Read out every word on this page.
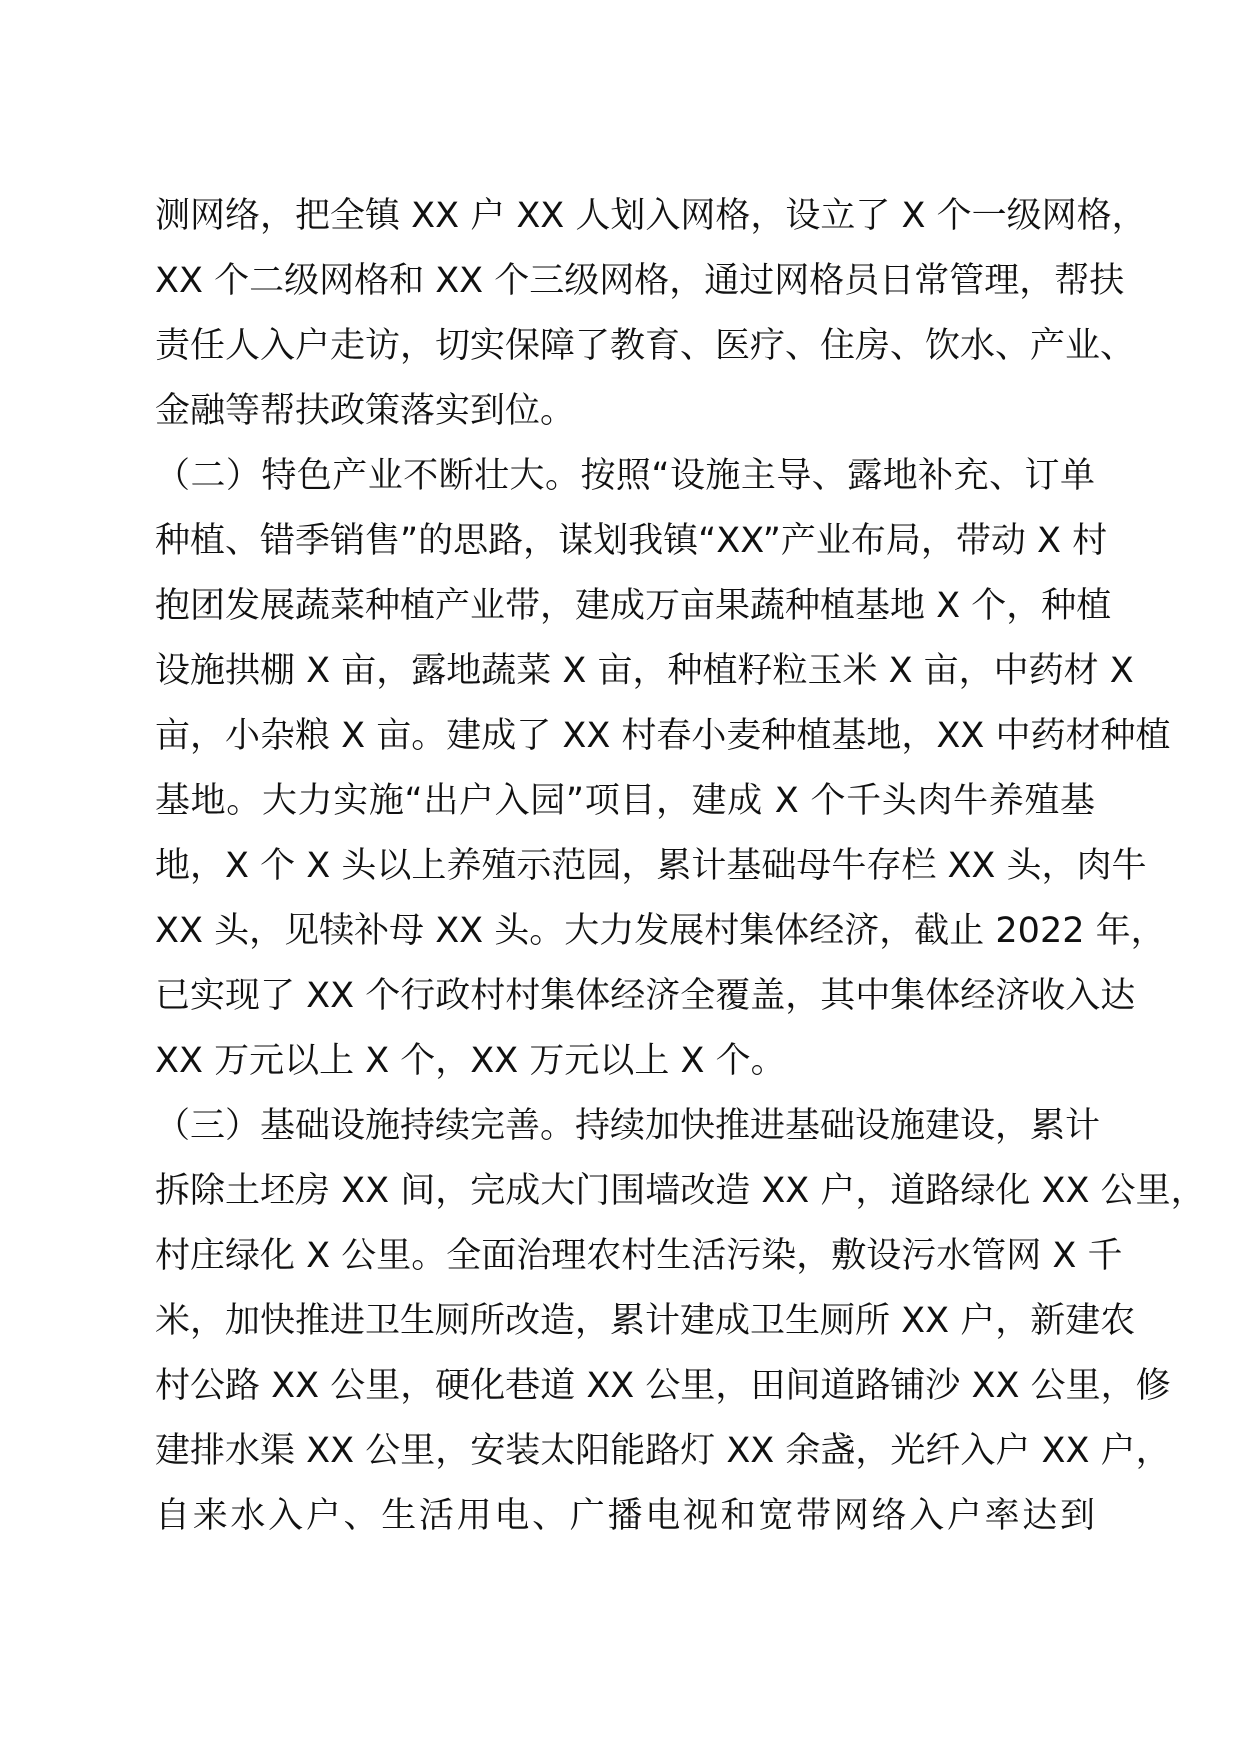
测网络，把全镇 XX 户 XX 人划入网格，设立了 X 个一级网格，
XX 个二级网格和 XX 个三级网格，通过网格员日常管理，帮扶
责任人入户走访，切实保障了教育、医疗、住房、饮水、产业、
金融等帮扶政策落实到位。
（二）特色产业不断壮大。按照“设施主导、露地补充、订单
种植、错季销售”的思路，谋划我镇“XX”产业布局，带动 X 村
抱团发展蔬菜种植产业带，建成万亩果蔬种植基地 X 个，种植
设施拱棚 X 亩，露地蔬菜 X 亩，种植籽粒玉米 X 亩，中药材 X
亩，小杂粮 X 亩。建成了 XX 村春小麦种植基地，XX 中药材种植
基地。大力实施“出户入园”项目，建成 X 个千头肉牛养殖基
地，X 个 X 头以上养殖示范园，累计基础母牛存栏 XX 头，肉牛
XX 头，见犊补母 XX 头。大力发展村集体经济，截止 2022 年，
已实现了 XX 个行政村村集体经济全覆盖，其中集体经济收入达
XX 万元以上 X 个，XX 万元以上 X 个。
（三）基础设施持续完善。持续加快推进基础设施建设，累计
拆除土坯房 XX 间，完成大门围墙改造 XX 户，道路绿化 XX 公里，
村庄绿化 X 公里。全面治理农村生活污染，敷设污水管网 X 千
米，加快推进卫生厕所改造，累计建成卫生厕所 XX 户，新建农
村公路 XX 公里，硬化巷道 XX 公里，田间道路铺沙 XX 公里，修
建排水渠 XX 公里，安装太阳能路灯 XX 余盏，光纤入户 XX 户，
自来水入户、生活用电、广播电视和宽带网络入户率达到
